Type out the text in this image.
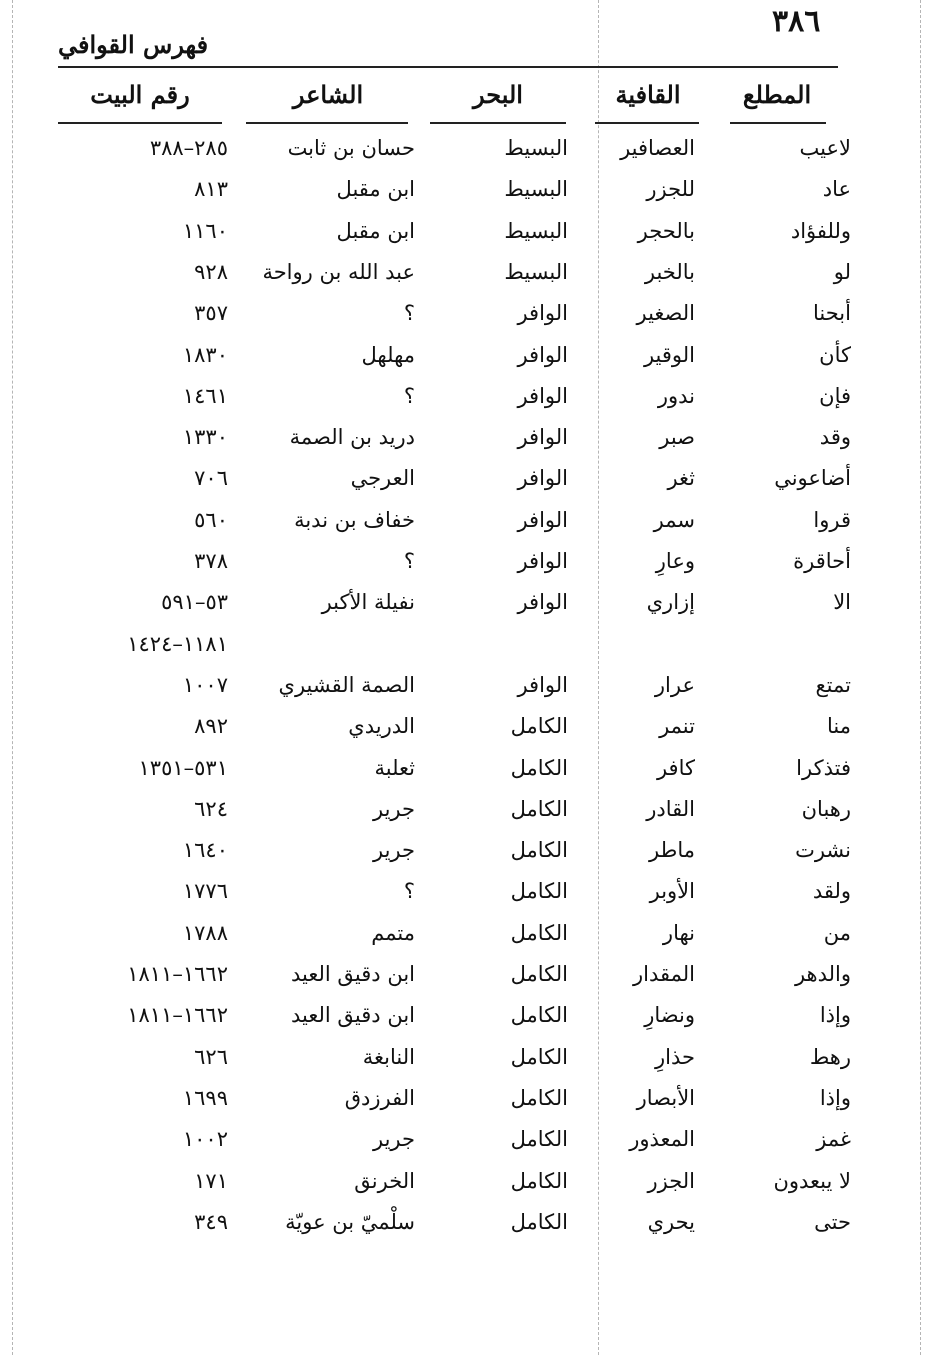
٣٨٦
فهرس القوافي
المطلع
القافية
البحر
الشاعر
رقم البيت
لاعيب
العصافير
البسيط
حسان بن ثابت
٢٨٥–٣٨٨
عاد
للجزر
البسيط
ابن مقبل
٨١٣
وللفؤاد
بالحجر
البسيط
ابن مقبل
١١٦٠
لو
بالخبر
البسيط
عبد الله بن رواحة
٩٢٨
أبحنا
الصغير
الوافر
؟
٣٥٧
كأن
الوقير
الوافر
مهلهل
١٨٣٠
فإن
ندور
الوافر
؟
١٤٦١
وقد
صبر
الوافر
دريد بن الصمة
١٣٣٠
أضاعوني
ثغر
الوافر
العرجي
٧٠٦
قروا
سمر
الوافر
خفاف بن ندبة
٥٦٠
أحاقرة
وعارِ
الوافر
؟
٣٧٨
الا
إزاري
الوافر
نفيلة الأكبر
٥٣–٥٩١
١١٨١–١٤٢٤
تمتع
عرار
الوافر
الصمة القشيري
١٠٠٧
منا
تنمر
الكامل
الدريدي
٨٩٢
فتذكرا
كافر
الكامل
ثعلبة
٥٣١–١٣٥١
رهبان
القادر
الكامل
جرير
٦٢٤
نشرت
ماطر
الكامل
جرير
١٦٤٠
ولقد
الأوبر
الكامل
؟
١٧٧٦
من
نهار
الكامل
متمم
١٧٨٨
والدهر
المقدار
الكامل
ابن دقيق العيد
١٦٦٢–١٨١١
وإذا
ونضارِ
الكامل
ابن دقيق العيد
١٦٦٢–١٨١١
رهط
حذارِ
الكامل
النابغة
٦٢٦
وإذا
الأبصار
الكامل
الفرزدق
١٦٩٩
غمز
المعذور
الكامل
جرير
١٠٠٢
لا يبعدون
الجزر
الكامل
الخرنق
١٧١
حتى
يحري
الكامل
سلْميّ بن عويّة
٣٤٩
